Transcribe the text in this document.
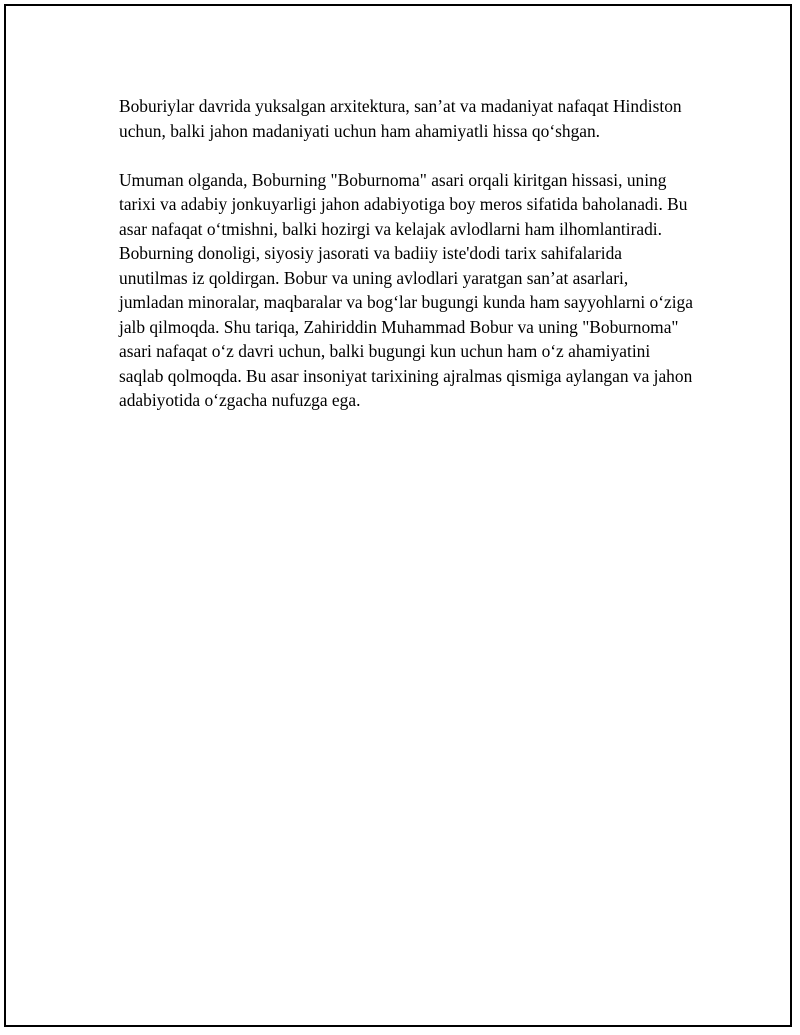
Boburiylar davrida yuksalgan arxitektura, san’at va madaniyat nafaqat Hindiston uchun, balki jahon madaniyati uchun ham ahamiyatli hissa qo‘shgan.

Umuman olganda, Boburning "Boburnoma" asari orqali kiritgan hissasi, uning tarixi va adabiy jonkuyarligi jahon adabiyotiga boy meros sifatida baholanadi. Bu asar nafaqat o‘tmishni, balki hozirgi va kelajak avlodlarni ham ilhomlantiradi. Boburning donoligi, siyosiy jasorati va badiiy iste'dodi tarix sahifalarida unutilmas iz qoldirgan. Bobur va uning avlodlari yaratgan san’at asarlari, jumladan minoralar, maqbaralar va bog‘lar bugungi kunda ham sayyohlarni o‘ziga jalb qilmoqda. Shu tariqa, Zahiriddin Muhammad Bobur va uning "Boburnoma" asari nafaqat o‘z davri uchun, balki bugungi kun uchun ham o‘z ahamiyatini saqlab qolmoqda. Bu asar insoniyat tarixining ajralmas qismiga aylangan va jahon adabiyotida o‘zgacha nufuzga ega.
